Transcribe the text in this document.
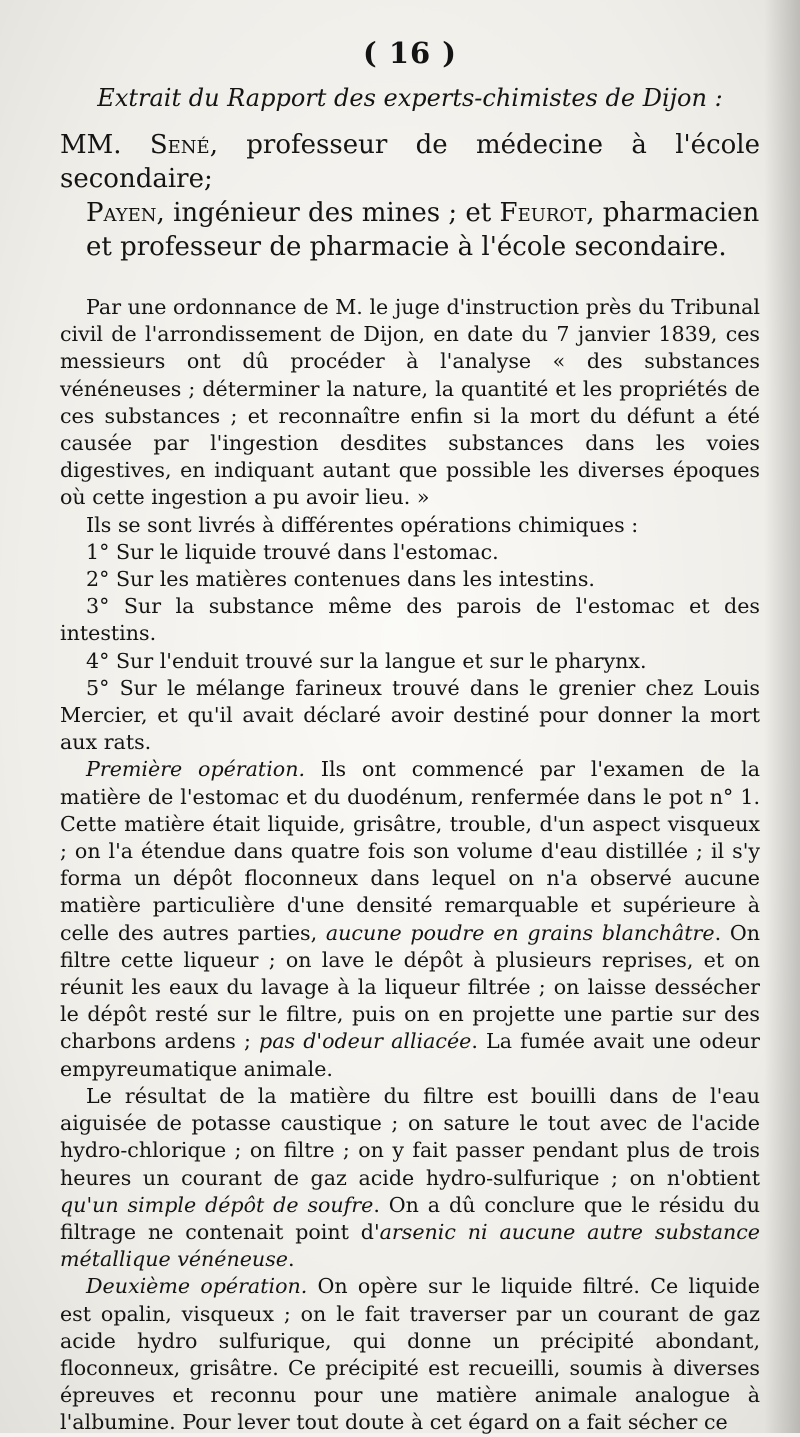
( 16 )
Extrait du Rapport des experts-chimistes de Dijon :

MM. Sené, professeur de médecine à l'école secondaire;

Payen, ingénieur des mines ; et Feurot, pharmacien

et professeur de pharmacie à l'école secondaire.

Par une ordonnance de M. le juge d'instruction près du Tribunal civil de l'arrondissement de Dijon, en date du 7 janvier 1839, ces messieurs ont dû procéder à l'analyse « des substances vénéneuses ; déterminer la nature, la quantité et les propriétés de ces substances ; et reconnaître enfin si la mort du défunt a été causée par l'ingestion desdites substances dans les voies digestives, en indiquant autant que possible les diverses époques où cette ingestion a pu avoir lieu. »

Ils se sont livrés à différentes opérations chimiques :

1° Sur le liquide trouvé dans l'estomac.

2° Sur les matières contenues dans les intestins.

3° Sur la substance même des parois de l'estomac et des intestins.

4° Sur l'enduit trouvé sur la langue et sur le pharynx.

5° Sur le mélange farineux trouvé dans le grenier chez Louis Mercier, et qu'il avait déclaré avoir destiné pour donner la mort aux rats.

Première opération. Ils ont commencé par l'examen de la matière de l'estomac et du duodénum, renfermée dans le pot n° 1. Cette matière était liquide, grisâtre, trouble, d'un aspect visqueux ; on l'a étendue dans quatre fois son volume d'eau distillée ; il s'y forma un dépôt floconneux dans lequel on n'a observé aucune matière particulière d'une densité remarquable et supérieure à celle des autres parties, aucune poudre en grains blanchâtre. On filtre cette liqueur ; on lave le dépôt à plusieurs reprises, et on réunit les eaux du lavage à la liqueur filtrée ; on laisse dessécher le dépôt resté sur le filtre, puis on en projette une partie sur des charbons ardens ; pas d'odeur alliacée. La fumée avait une odeur empyreumatique animale.

Le résultat de la matière du filtre est bouilli dans de l'eau aiguisée de potasse caustique ; on sature le tout avec de l'acide hydro-chlorique ; on filtre ; on y fait passer pendant plus de trois heures un courant de gaz acide hydro-sulfurique ; on n'obtient qu'un simple dépôt de soufre. On a dû conclure que le résidu du filtrage ne contenait point d'arsenic ni aucune autre substance métallique vénéneuse.

Deuxième opération. On opère sur le liquide filtré. Ce liquide est opalin, visqueux ; on le fait traverser par un courant de gaz acide hydro sulfurique, qui donne un précipité abondant, floconneux, grisâtre. Ce précipité est recueilli, soumis à diverses épreuves et reconnu pour une matière animale analogue à l'albumine. Pour lever tout doute à cet égard on a fait sécher ce
